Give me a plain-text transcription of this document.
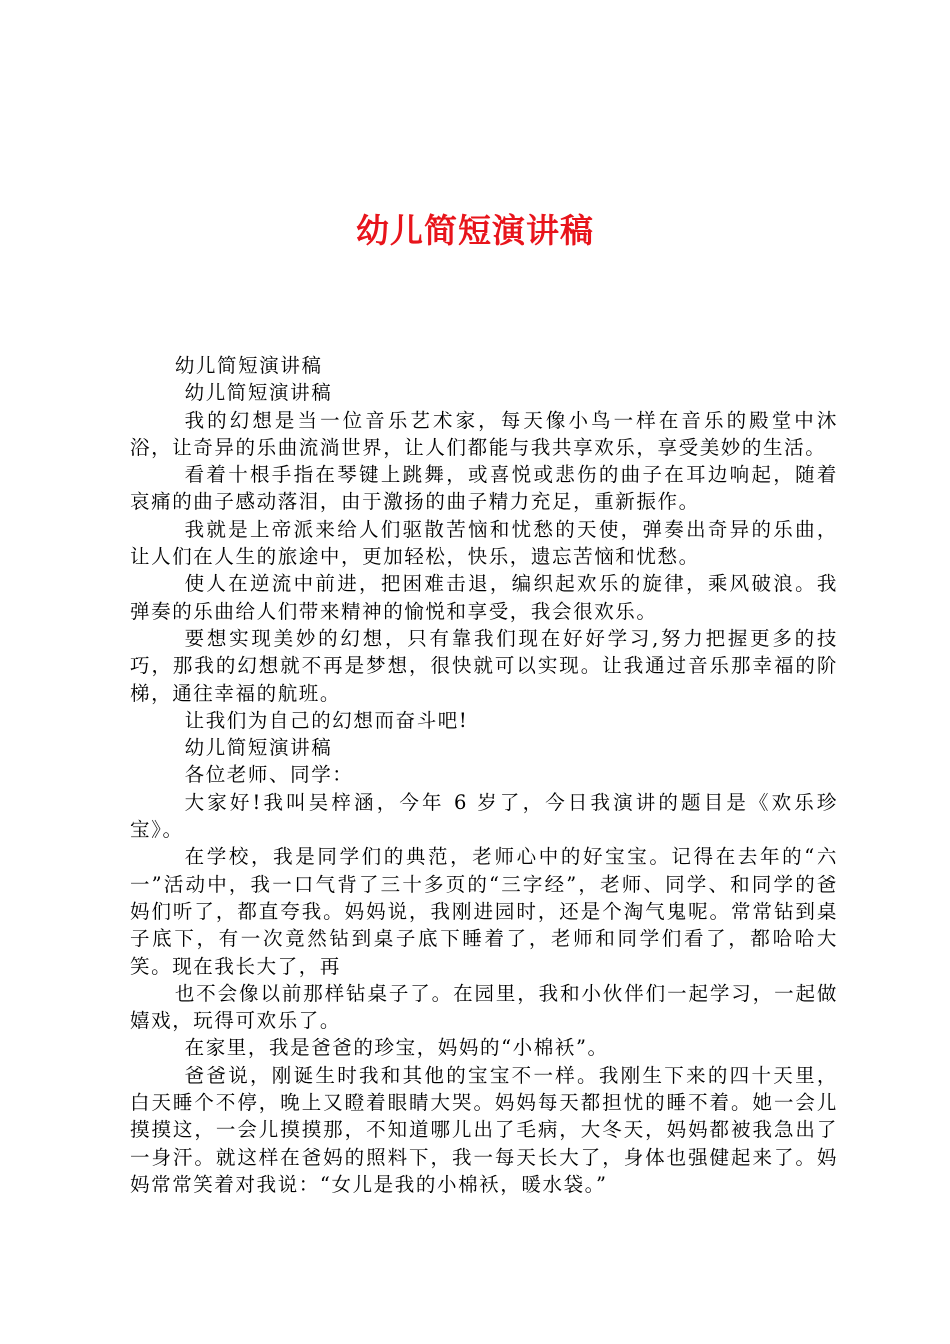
幼儿简短演讲稿

幼儿简短演讲稿

幼儿简短演讲稿

我的幻想是当一位音乐艺术家，每天像小鸟一样在音乐的殿堂中沐浴，让奇异的乐曲流淌世界，让人们都能与我共享欢乐，享受美妙的生活。

看着十根手指在琴键上跳舞，或喜悦或悲伤的曲子在耳边响起，随着哀痛的曲子感动落泪，由于激扬的曲子精力充足，重新振作。

我就是上帝派来给人们驱散苦恼和忧愁的天使，弹奏出奇异的乐曲，让人们在人生的旅途中，更加轻松，快乐，遗忘苦恼和忧愁。

使人在逆流中前进，把困难击退，编织起欢乐的旋律，乘风破浪。我弹奏的乐曲给人们带来精神的愉悦和享受，我会很欢乐。

要想实现美妙的幻想，只有靠我们现在好好学习,努力把握更多的技巧，那我的幻想就不再是梦想，很快就可以实现。让我通过音乐那幸福的阶梯，通往幸福的航班。

让我们为自己的幻想而奋斗吧!

幼儿简短演讲稿

各位老师、同学：

大家好!我叫吴梓涵，今年 6 岁了，今日我演讲的题目是《欢乐珍宝》。

在学校，我是同学们的典范，老师心中的好宝宝。记得在去年的“六一”活动中，我一口气背了三十多页的“三字经”，老师、同学、和同学的爸妈们听了，都直夸我。妈妈说，我刚进园时，还是个淘气鬼呢。常常钻到桌子底下，有一次竟然钻到桌子底下睡着了，老师和同学们看了，都哈哈大笑。现在我长大了，再

也不会像以前那样钻桌子了。在园里，我和小伙伴们一起学习，一起做嬉戏，玩得可欢乐了。

在家里，我是爸爸的珍宝，妈妈的“小棉袄”。

爸爸说，刚诞生时我和其他的宝宝不一样。我刚生下来的四十天里，白天睡个不停，晚上又瞪着眼睛大哭。妈妈每天都担忧的睡不着。她一会儿摸摸这，一会儿摸摸那，不知道哪儿出了毛病，大冬天，妈妈都被我急出了一身汗。就这样在爸妈的照料下，我一每天长大了，身体也强健起来了。妈妈常常笑着对我说：“女儿是我的小棉袄，暖水袋。”
